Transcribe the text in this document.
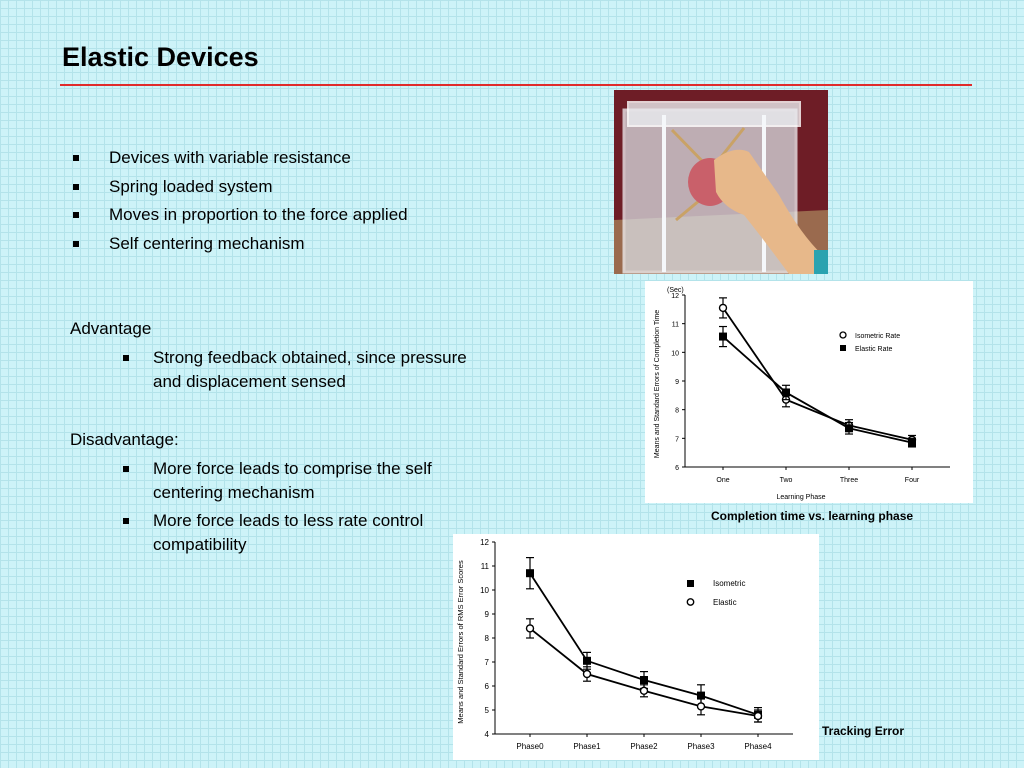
Elastic Devices
Devices with variable resistance
Spring loaded system
Moves in proportion to the force applied
Self centering mechanism
Advantage
Strong feedback obtained, since pressure and displacement sensed
Disadvantage:
More force leads to comprise the self centering mechanism
More force leads to less rate control compatibility
(Sec)
Means and Standard Errors of Completion Time
Learning Phase
6
7
8
9
10
11
12
One	Two	Three	Four
Isometric Rate
Elastic Rate
Completion time vs. learning phase
Means and Standard Errors of RMS Error Scores
4
5
6
7
8
9
10
11
12
Phase0	Phase1	Phase2	Phase3	Phase4
Isometric
Elastic
Tracking Error
